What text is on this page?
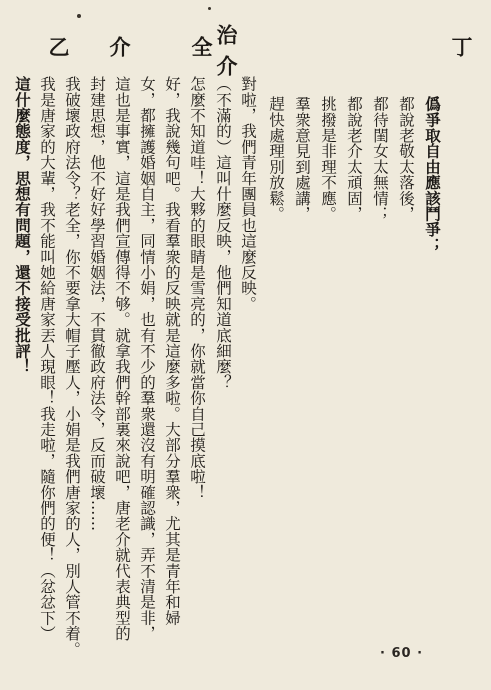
丁
治介
全
介
乙
僞爭取自由應該鬥爭；
都說老敬太落後，
都待閨女太無情；
都說老介太頑固，
挑撥是非理不應。
羣衆意見到處講，
趕快處理別放鬆。
對啦，我們青年團員也這麼反映。
（不滿的）這叫什麼反映，他們知道底細麼？
怎麼不知道哇！大夥的眼睛是雪亮的，你就當你自己摸底啦！
好，我說幾句吧。我看羣衆的反映就是這麼多啦。大部分羣衆，尤其是青年和婦
女，都擁護婚姻自主，同情小娟，也有不少的羣衆還沒有明確認識，弄不清是非，
這也是事實，這是我們宣傳得不够。就拿我們幹部裏來說吧，唐老介就代表典型的
封建思想，他不好好學習婚姻法，不貫徹政府法令，反而破壞……
我破壞政府法令？老全，你不要拿大帽子壓人，小娟是我們唐家的人，別人管不着。
我是唐家的大輩，我不能叫她給唐家丟人現眼！我走啦，隨你們的便！（忿忿下）
這什麼態度，思想有問題，還不接受批評！
· 60 ·
